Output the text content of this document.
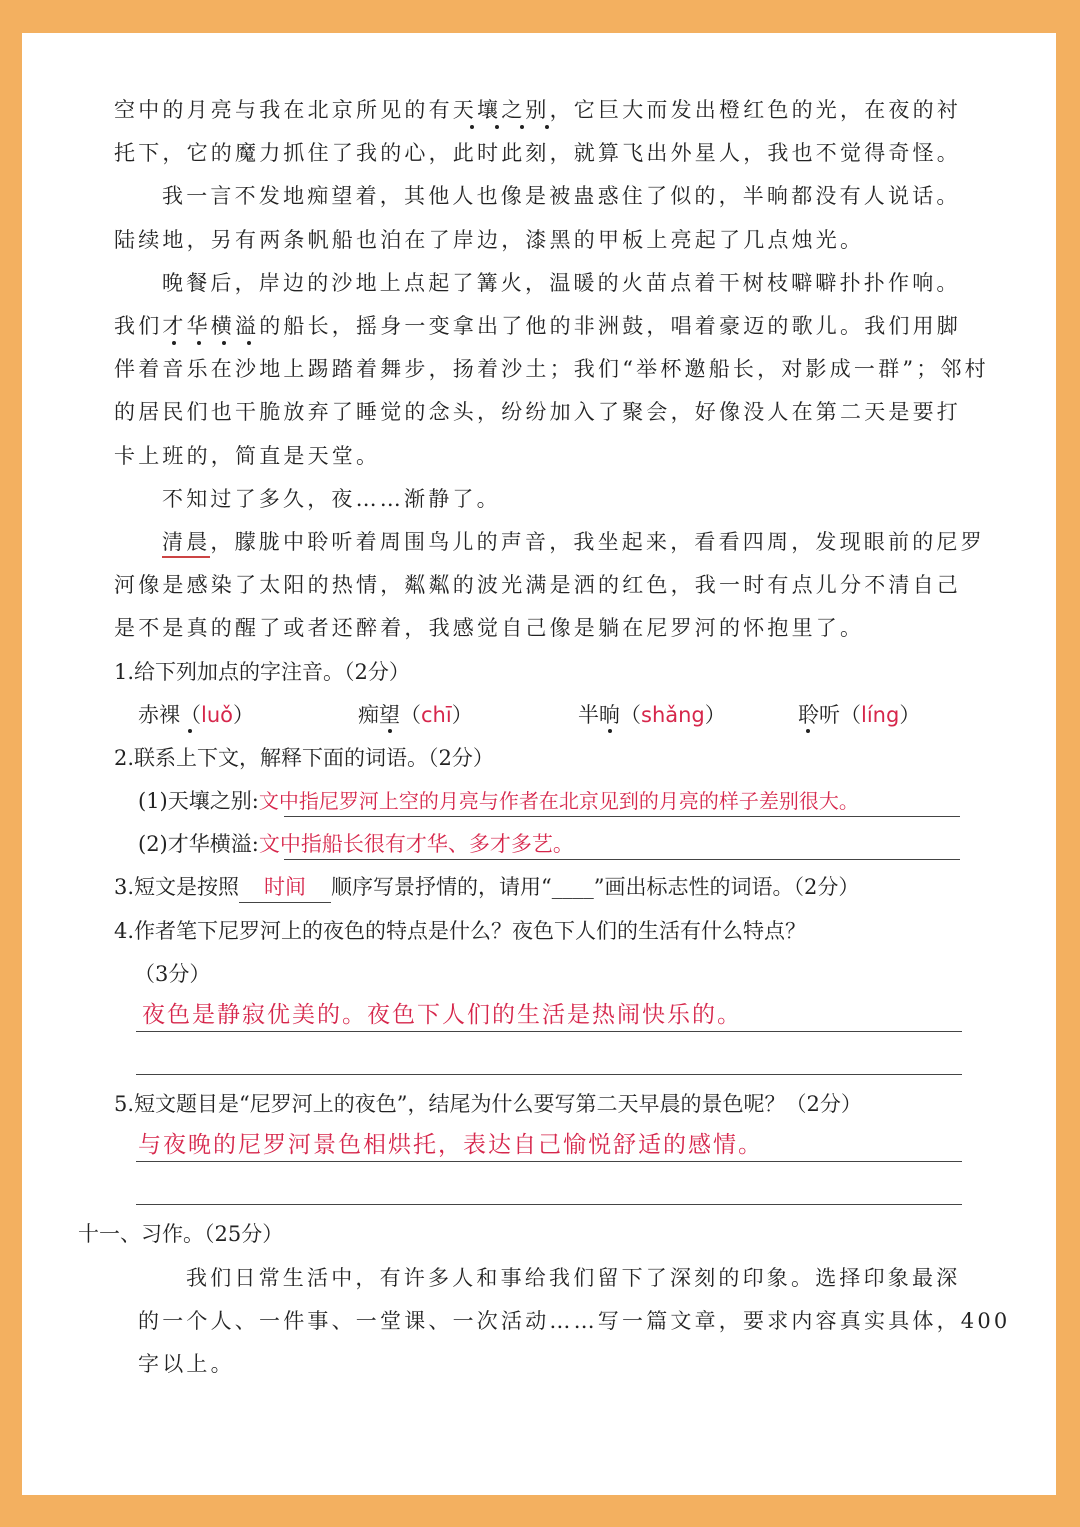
空中的月亮与我在北京所见的有天壤之别，它巨大而发出橙红色的光，在夜的衬
托下，它的魔力抓住了我的心，此时此刻，就算飞出外星人，我也不觉得奇怪。
我一言不发地痴望着，其他人也像是被蛊惑住了似的，半晌都没有人说话。
陆续地，另有两条帆船也泊在了岸边，漆黑的甲板上亮起了几点烛光。
晚餐后，岸边的沙地上点起了篝火，温暖的火苗点着干树枝噼噼扑扑作响。
我们才华横溢的船长，摇身一变拿出了他的非洲鼓，唱着豪迈的歌儿。我们用脚
伴着音乐在沙地上踢踏着舞步，扬着沙土；我们“举杯邀船长，对影成一群”；邻村
的居民们也干脆放弃了睡觉的念头，纷纷加入了聚会，好像没人在第二天是要打
卡上班的，简直是天堂。
不知过了多久，夜……渐静了。
清晨，朦胧中聆听着周围鸟儿的声音，我坐起来，看看四周，发现眼前的尼罗
河像是感染了太阳的热情，粼粼的波光满是洒的红色，我一时有点儿分不清自己
是不是真的醒了或者还醉着，我感觉自己像是躺在尼罗河的怀抱里了。
1.给下列加点的字注音。（2分）
赤裸（luǒ）	痴望（chī）	半晌（shǎng）	聆听（líng）
2.联系上下文，解释下面的词语。（2分）
(1)天壤之别:文中指尼罗河上空的月亮与作者在北京见到的月亮的样子差别很大。
(2)才华横溢:文中指船长很有才华、多才多艺。
3.短文是按照 时间 顺序写景抒情的，请用“____”画出标志性的词语。（2分）
4.作者笔下尼罗河上的夜色的特点是什么？夜色下人们的生活有什么特点？
（3分）
夜色是静寂优美的。夜色下人们的生活是热闹快乐的。
5.短文题目是“尼罗河上的夜色”，结尾为什么要写第二天早晨的景色呢？（2分）
与夜晚的尼罗河景色相烘托，表达自己愉悦舒适的感情。
十一、习作。（25分）
我们日常生活中，有许多人和事给我们留下了深刻的印象。选择印象最深
的一个人、一件事、一堂课、一次活动……写一篇文章，要求内容真实具体，400
字以上。
